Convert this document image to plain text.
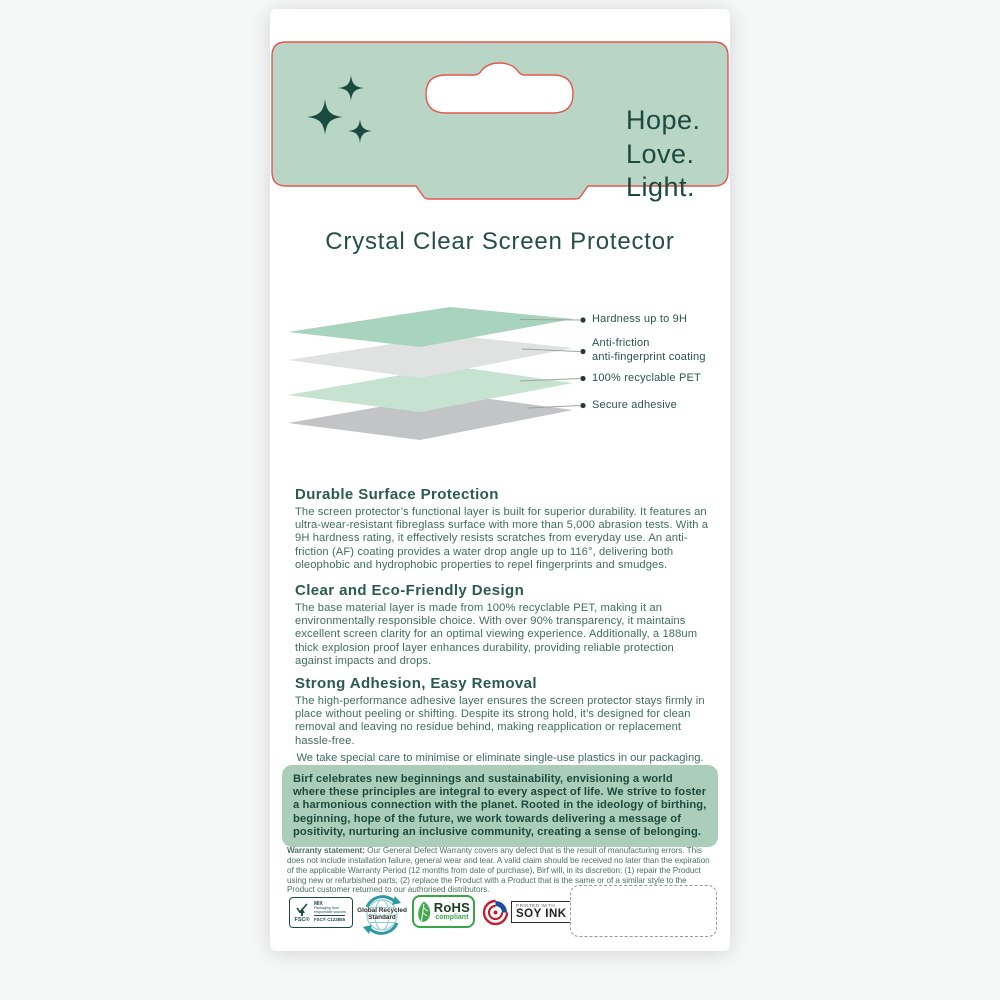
Hope.
Love.
Light.
Crystal Clear Screen Protector
Hardness up to 9H
Anti-friction
anti-fingerprint coating
100% recyclable PET
Secure adhesive
Durable Surface Protection

The screen protector’s functional layer is built for superior durability. It features an ultra-wear-resistant fibreglass surface with more than 5,000 abrasion tests. With a 9H hardness rating, it effectively resists scratches from everyday use. An anti-friction (AF) coating provides a water drop angle up to 116°, delivering both oleophobic and hydrophobic properties to repel fingerprints and smudges.

Clear and Eco-Friendly Design

The base material layer is made from 100% recyclable PET, making it an environmentally responsible choice. With over 90% transparency, it maintains excellent screen clarity for an optimal viewing experience. Additionally, a 188um thick explosion proof layer enhances durability, providing reliable protection against impacts and drops.

Strong Adhesion, Easy Removal

The high-performance adhesive layer ensures the screen protector stays firmly in place without peeling or shifting. Despite its strong hold, it’s designed for clean removal and leaving no residue behind, making reapplication or replacement hassle-free.

We take special care to minimise or eliminate single-use plastics in our packaging.
Birf celebrates new beginnings and sustainability, envisioning a world where these principles are integral to every aspect of life. We strive to foster a harmonious connection with the planet. Rooted in the ideology of birthing, beginning, hope of the future, we work towards delivering a message of positivity, nurturing an inclusive community, creating a sense of belonging.

Warranty statement: Our General Defect Warranty covers any defect that is the result of manufacturing errors. This does not include installation failure, general wear and tear. A valid claim should be received no later than the expiration of the applicable Warranty Period (12 months from date of purchase), Birf will, in its discretion: (1) repair the Product using new or refurbished parts; (2) replace the Product with a Product that is the same or of a similar style to the Product customer returned to our authorised distributors.

FSC®
MIX
Packaging from
responsible sources
FSC® C123855
Global Recycled
Standard
RoHS
compliant
PRINTED WITH
SOY INK
